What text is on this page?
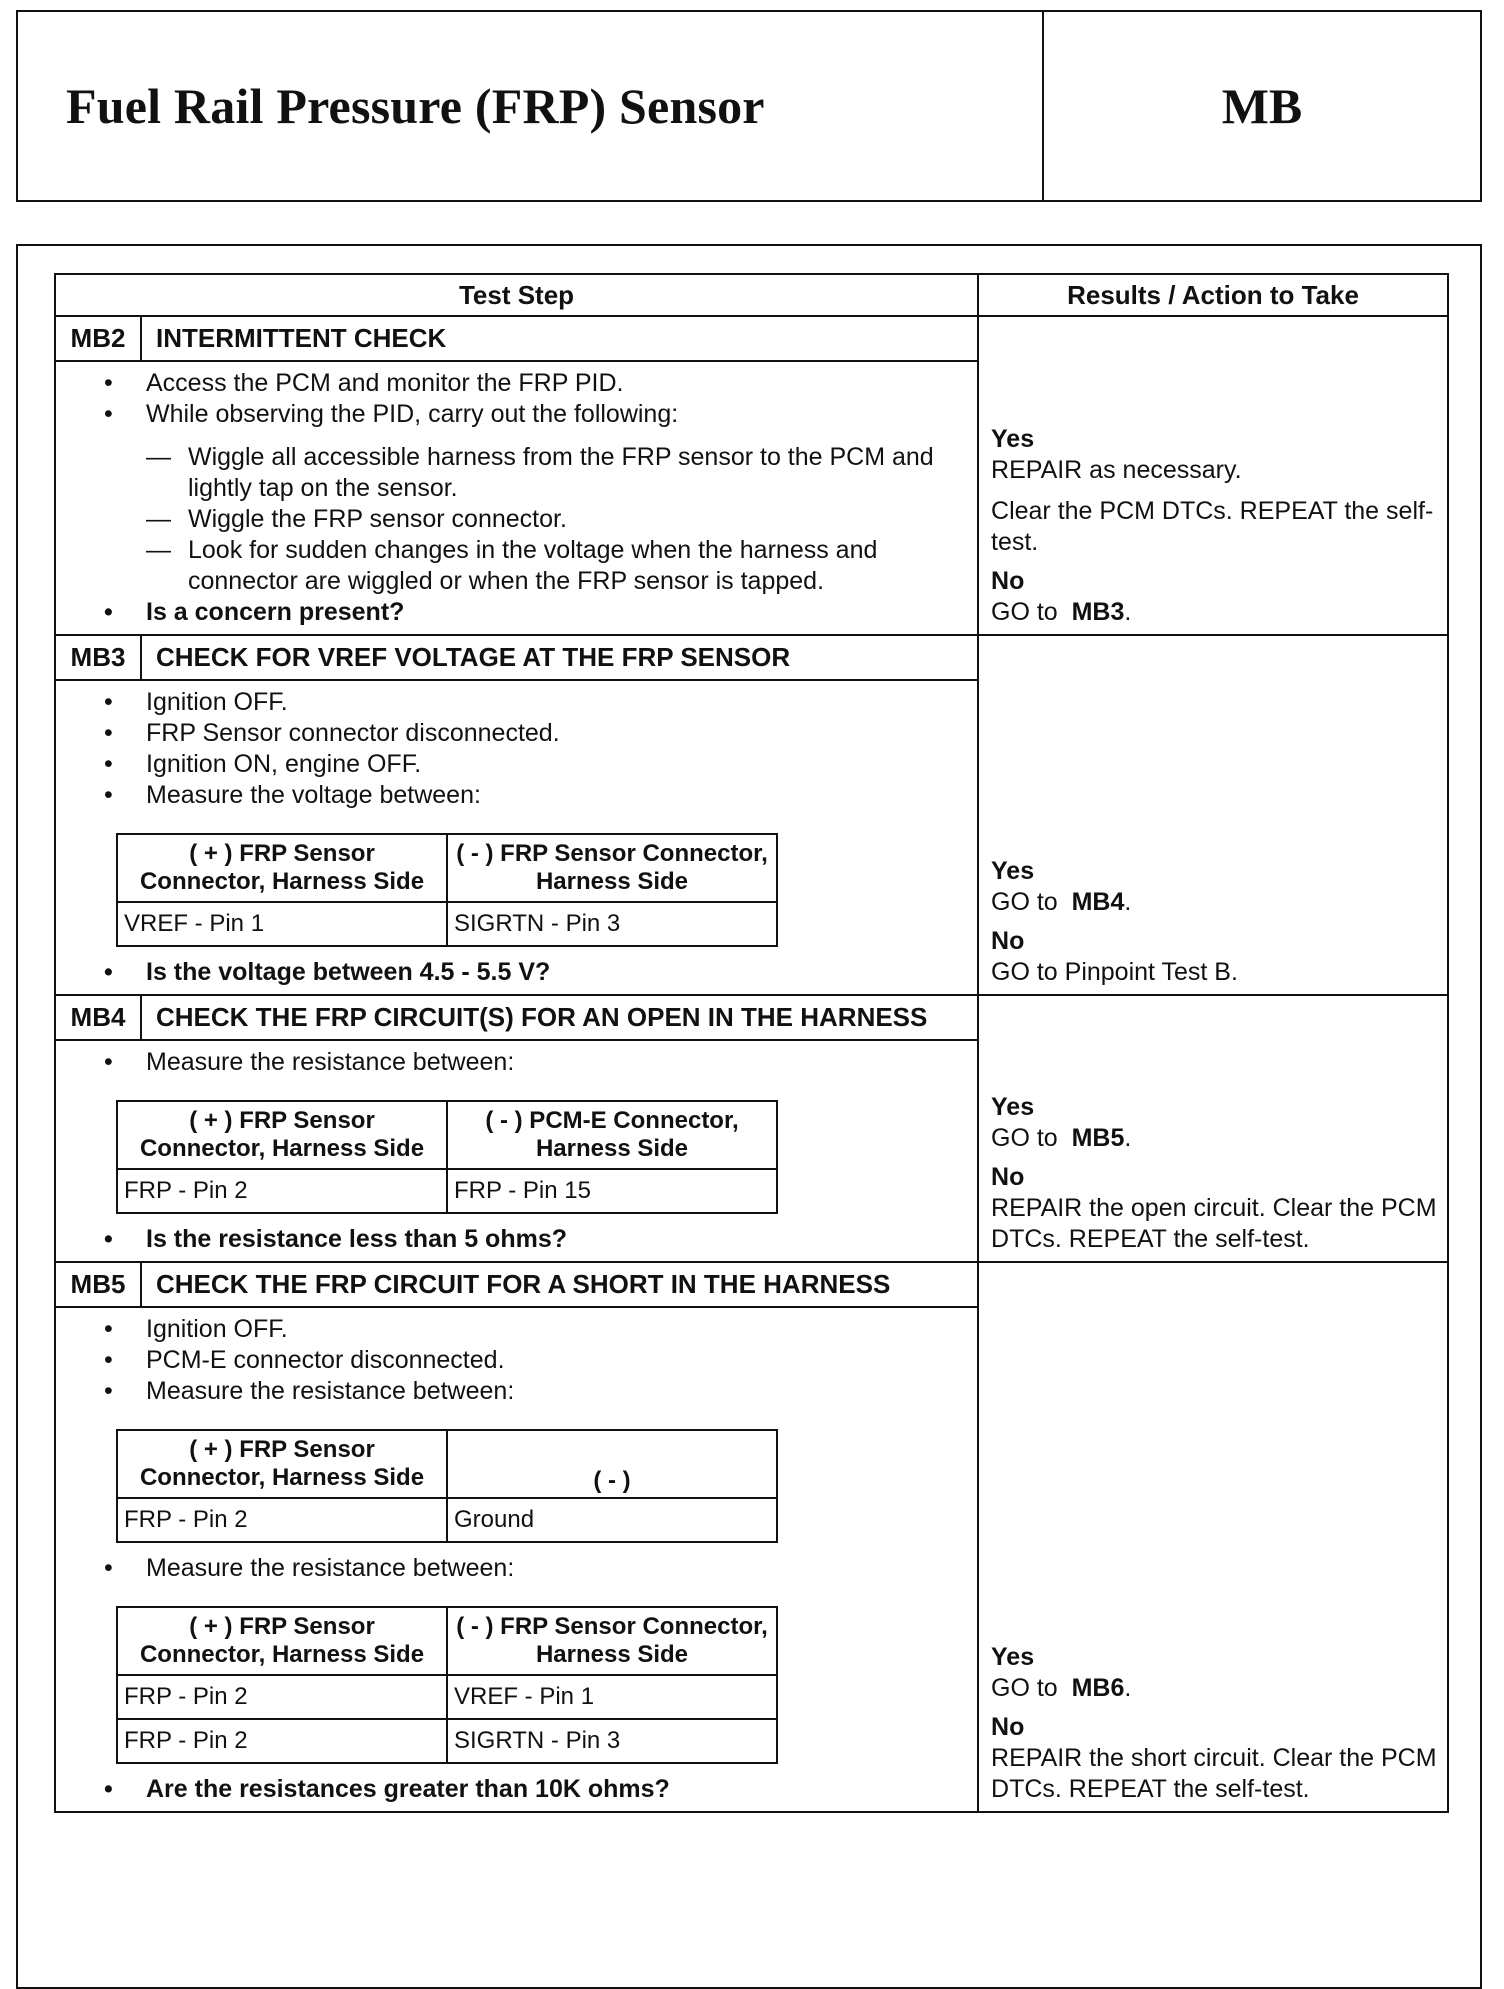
Fuel Rail Pressure (FRP) Sensor	MB
Test Step	Results / Action to Take
MB2	INTERMITTENT CHECK	

Yes

REPAIR as necessary.

Clear the PCM DTCs. REPEAT the self-test.

No

GO to MB3.

• Access the PCM and monitor the FRP PID.
• While observing the PID, carry out the following:
— Wiggle all accessible harness from the FRP sensor to the PCM and lightly tap on the sensor.
— Wiggle the FRP sensor connector.
— Look for sudden changes in the voltage when the harness and connector are wiggled or when the FRP sensor is tapped.
• Is a concern present?

MB3	CHECK FOR VREF VOLTAGE AT THE FRP SENSOR	

Yes

GO to MB4.

No

GO to Pinpoint Test B.

• Ignition OFF.
• FRP Sensor connector disconnected.
• Ignition ON, engine OFF.
• Measure the voltage between:
( + ) FRP Sensor Connector, Harness Side	( - ) FRP Sensor Connector, Harness Side
VREF - Pin 1	SIGRTN - Pin 3
• Is the voltage between 4.5 - 5.5 V?

MB4	CHECK THE FRP CIRCUIT(S) FOR AN OPEN IN THE HARNESS	

Yes

GO to MB5.

No

REPAIR the open circuit. Clear the PCM DTCs. REPEAT the self-test.

• Measure the resistance between:
( + ) FRP Sensor Connector, Harness Side	( - ) PCM-E Connector, Harness Side
FRP - Pin 2	FRP - Pin 15
• Is the resistance less than 5 ohms?

MB5	CHECK THE FRP CIRCUIT FOR A SHORT IN THE HARNESS	

Yes

GO to MB6.

No

REPAIR the short circuit. Clear the PCM DTCs. REPEAT the self-test.

• Ignition OFF.
• PCM-E connector disconnected.
• Measure the resistance between:
( + ) FRP Sensor Connector, Harness Side	( - )
FRP - Pin 2	Ground
• Measure the resistance between:
( + ) FRP Sensor Connector, Harness Side	( - ) FRP Sensor Connector, Harness Side
FRP - Pin 2	VREF - Pin 1
FRP - Pin 2	SIGRTN - Pin 3
• Are the resistances greater than 10K ohms?
